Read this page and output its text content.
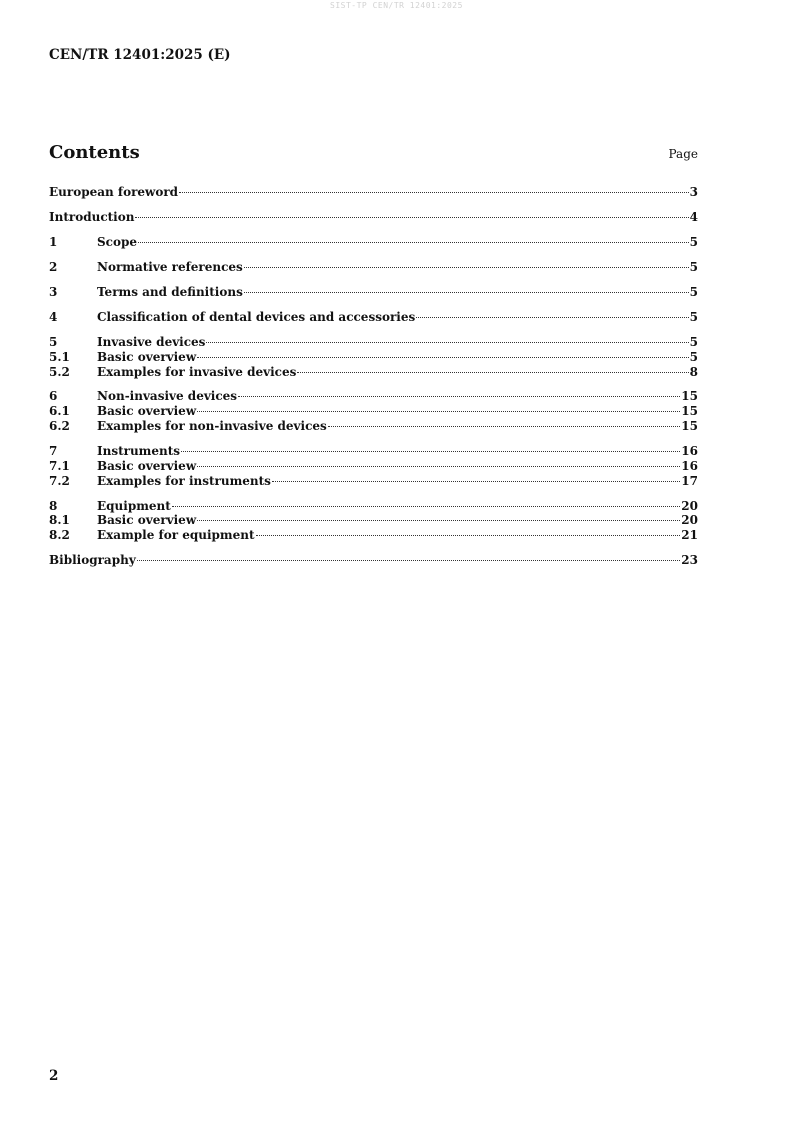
SIST-TP CEN/TR 12401:2025
CEN/TR 12401:2025 (E)
Contents	Page
European foreword	3
Introduction	4
1	Scope	5
2	Normative references	5
3	Terms and definitions	5
4	Classification of dental devices and accessories	5
5	Invasive devices	5
5.1	Basic overview	5
5.2	Examples for invasive devices	8
6	Non-invasive devices	15
6.1	Basic overview	15
6.2	Examples for non-invasive devices	15
7	Instruments	16
7.1	Basic overview	16
7.2	Examples for instruments	17
8	Equipment	20
8.1	Basic overview	20
8.2	Example for equipment	21
Bibliography	23
2
